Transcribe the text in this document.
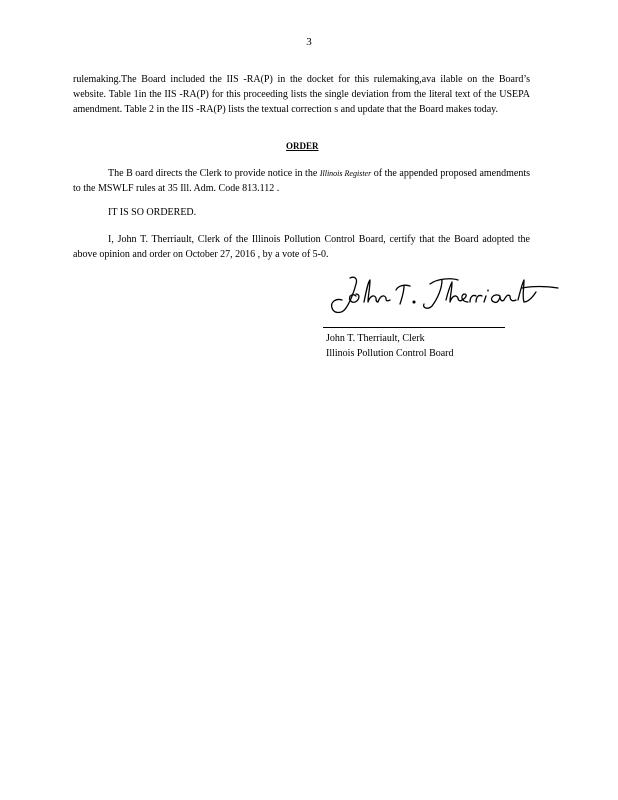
3

rulemaking.The Board included the IIS -RA(P) in the docket for this rulemaking,ava ilable on the Board’s website. Table 1in the IIS -RA(P) for this proceeding lists the single deviation from the literal text of the USEPA amendment. Table 2 in the IIS -RA(P) lists the textual correction s and update that the Board makes today.

ORDER

The B oard directs the Clerk to provide notice in the Illinois Register of the appended proposed amendments to the MSWLF rules at 35 Ill. Adm. Code 813.112 .

IT IS SO ORDERED.

I, John T. Therriault, Clerk of the Illinois Pollution Control Board, certify that the Board adopted the above opinion and order on October 27, 2016 , by a vote of 5-0.

John T. Therriault, Clerk
Illinois Pollution Control Board
